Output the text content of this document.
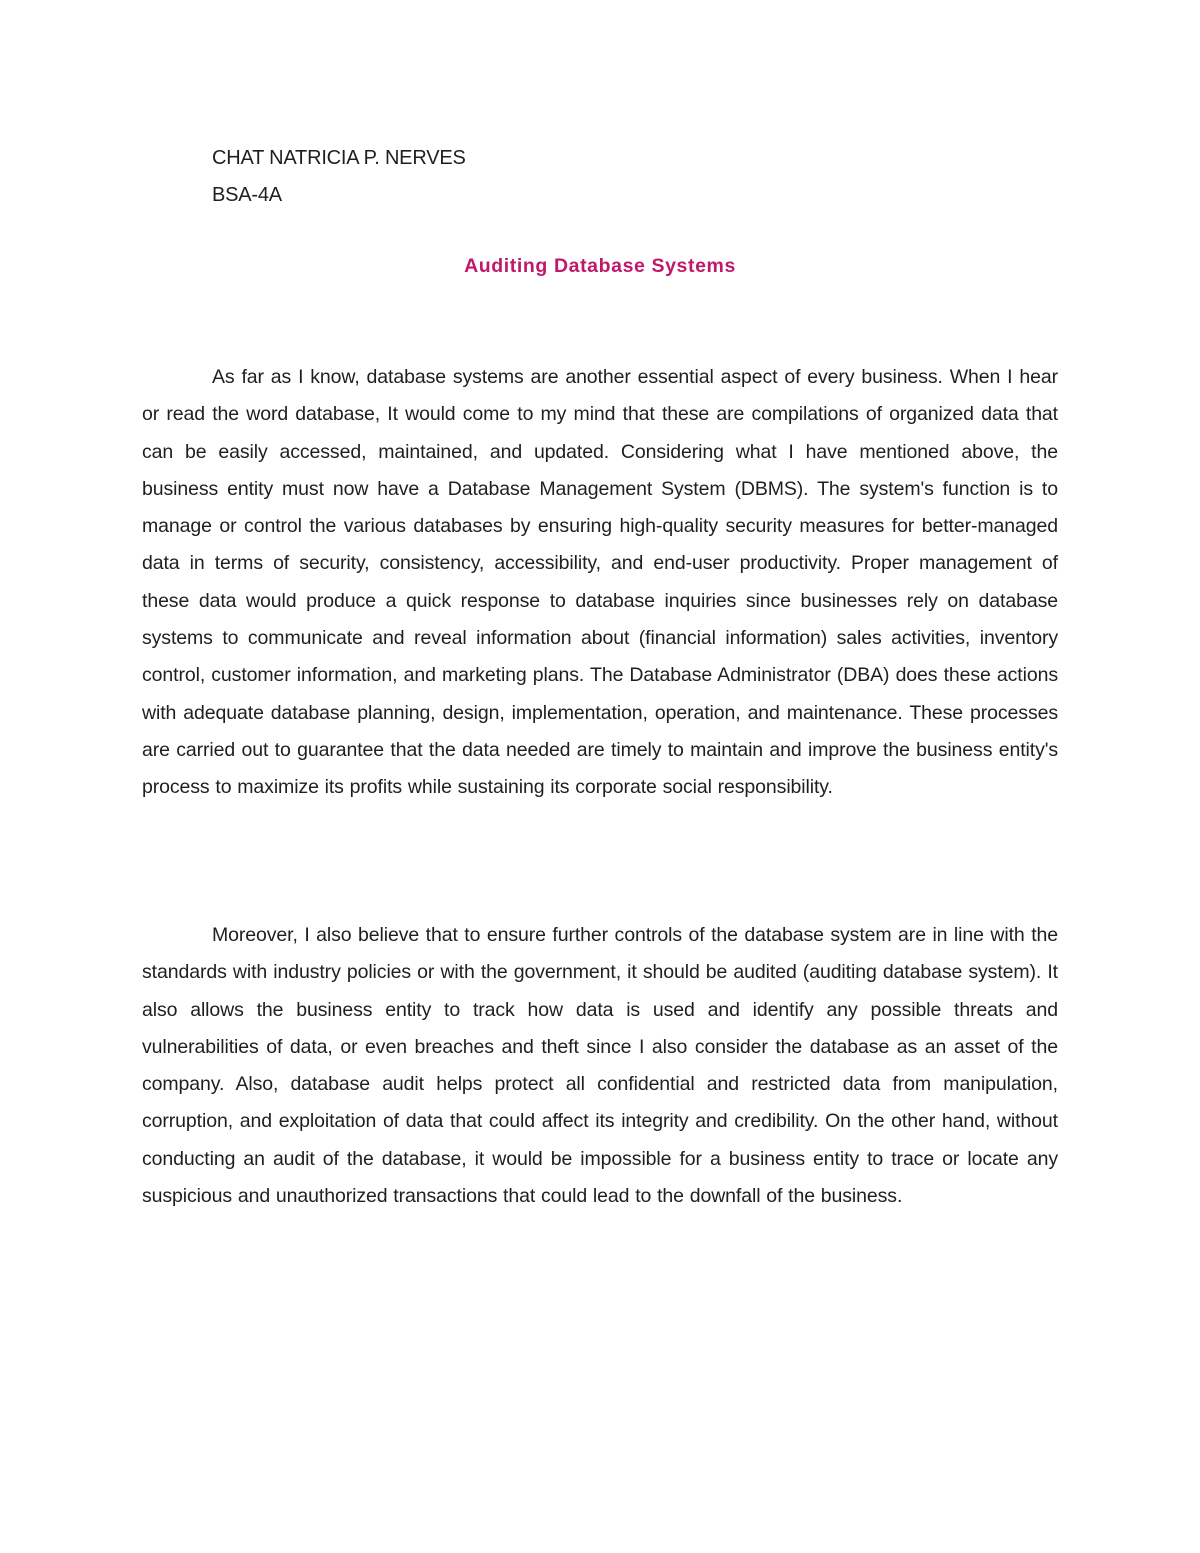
CHAT NATRICIA P. NERVES
BSA-4A
Auditing Database Systems

As far as I know, database systems are another essential aspect of every business. When I hear or read the word database, It would come to my mind that these are compilations of organized data that can be easily accessed, maintained, and updated. Considering what I have mentioned above, the business entity must now have a Database Management System (DBMS). The system's function is to manage or control the various databases by ensuring high-quality security measures for better-managed data in terms of security, consistency, accessibility, and end-user productivity. Proper management of these data would produce a quick response to database inquiries since businesses rely on database systems to communicate and reveal information about (financial information) sales activities, inventory control, customer information, and marketing plans. The Database Administrator (DBA) does these actions with adequate database planning, design, implementation, operation, and maintenance. These processes are carried out to guarantee that the data needed are timely to maintain and improve the business entity's process to maximize its profits while sustaining its corporate social responsibility.

Moreover, I also believe that to ensure further controls of the database system are in line with the standards with industry policies or with the government, it should be audited (auditing database system). It also allows the business entity to track how data is used and identify any possible threats and vulnerabilities of data, or even breaches and theft since I also consider the database as an asset of the company. Also, database audit helps protect all confidential and restricted data from manipulation, corruption, and exploitation of data that could affect its integrity and credibility. On the other hand, without conducting an audit of the database, it would be impossible for a business entity to trace or locate any suspicious and unauthorized transactions that could lead to the downfall of the business.
